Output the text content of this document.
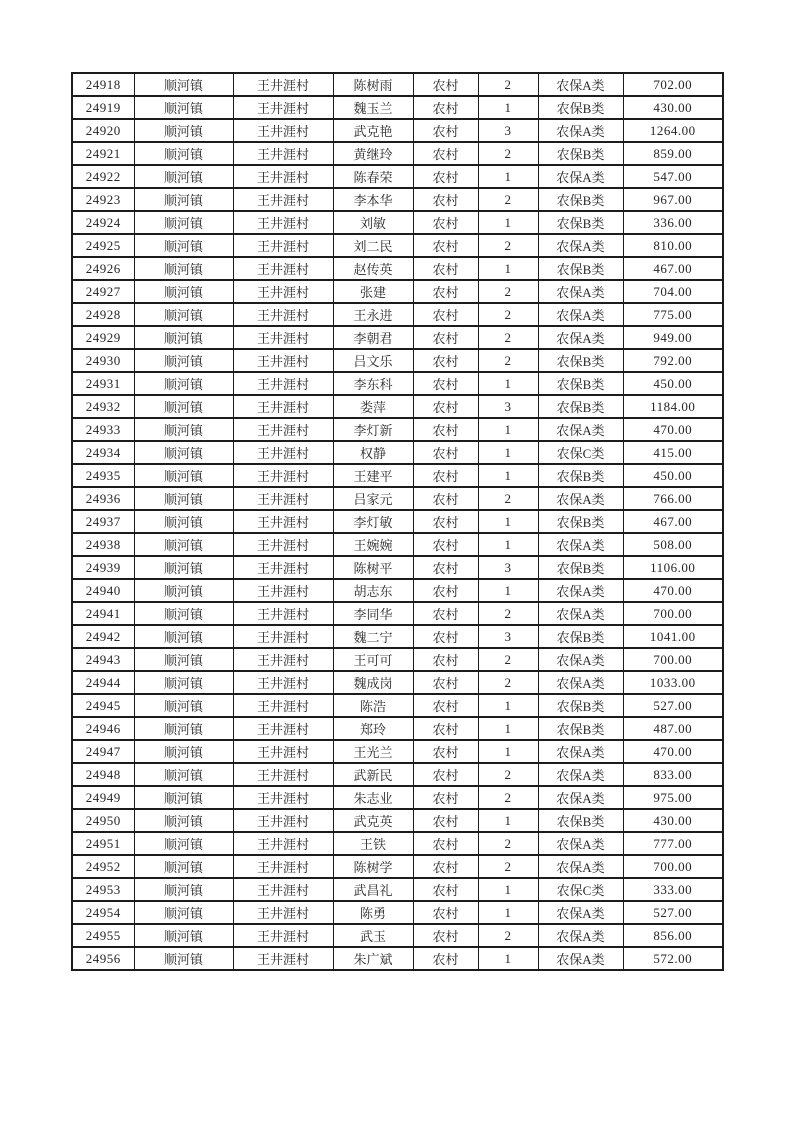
24918	顺河镇	王井涯村	陈树雨	农村	2	农保A类	702.00
24919	顺河镇	王井涯村	魏玉兰	农村	1	农保B类	430.00
24920	顺河镇	王井涯村	武克艳	农村	3	农保A类	1264.00
24921	顺河镇	王井涯村	黄继玲	农村	2	农保B类	859.00
24922	顺河镇	王井涯村	陈春荣	农村	1	农保A类	547.00
24923	顺河镇	王井涯村	李本华	农村	2	农保B类	967.00
24924	顺河镇	王井涯村	刘敏	农村	1	农保B类	336.00
24925	顺河镇	王井涯村	刘二民	农村	2	农保A类	810.00
24926	顺河镇	王井涯村	赵传英	农村	1	农保B类	467.00
24927	顺河镇	王井涯村	张建	农村	2	农保A类	704.00
24928	顺河镇	王井涯村	王永进	农村	2	农保A类	775.00
24929	顺河镇	王井涯村	李朝君	农村	2	农保A类	949.00
24930	顺河镇	王井涯村	吕文乐	农村	2	农保B类	792.00
24931	顺河镇	王井涯村	李东科	农村	1	农保B类	450.00
24932	顺河镇	王井涯村	娄萍	农村	3	农保B类	1184.00
24933	顺河镇	王井涯村	李灯新	农村	1	农保A类	470.00
24934	顺河镇	王井涯村	权静	农村	1	农保C类	415.00
24935	顺河镇	王井涯村	王建平	农村	1	农保B类	450.00
24936	顺河镇	王井涯村	吕家元	农村	2	农保A类	766.00
24937	顺河镇	王井涯村	李灯敏	农村	1	农保B类	467.00
24938	顺河镇	王井涯村	王婉婉	农村	1	农保A类	508.00
24939	顺河镇	王井涯村	陈树平	农村	3	农保B类	1106.00
24940	顺河镇	王井涯村	胡志东	农村	1	农保A类	470.00
24941	顺河镇	王井涯村	李同华	农村	2	农保A类	700.00
24942	顺河镇	王井涯村	魏二宁	农村	3	农保B类	1041.00
24943	顺河镇	王井涯村	王可可	农村	2	农保A类	700.00
24944	顺河镇	王井涯村	魏成岗	农村	2	农保A类	1033.00
24945	顺河镇	王井涯村	陈浩	农村	1	农保B类	527.00
24946	顺河镇	王井涯村	郑玲	农村	1	农保B类	487.00
24947	顺河镇	王井涯村	王光兰	农村	1	农保A类	470.00
24948	顺河镇	王井涯村	武新民	农村	2	农保A类	833.00
24949	顺河镇	王井涯村	朱志业	农村	2	农保A类	975.00
24950	顺河镇	王井涯村	武克英	农村	1	农保B类	430.00
24951	顺河镇	王井涯村	王铁	农村	2	农保A类	777.00
24952	顺河镇	王井涯村	陈树学	农村	2	农保A类	700.00
24953	顺河镇	王井涯村	武昌礼	农村	1	农保C类	333.00
24954	顺河镇	王井涯村	陈勇	农村	1	农保A类	527.00
24955	顺河镇	王井涯村	武玉	农村	2	农保A类	856.00
24956	顺河镇	王井涯村	朱广斌	农村	1	农保A类	572.00
